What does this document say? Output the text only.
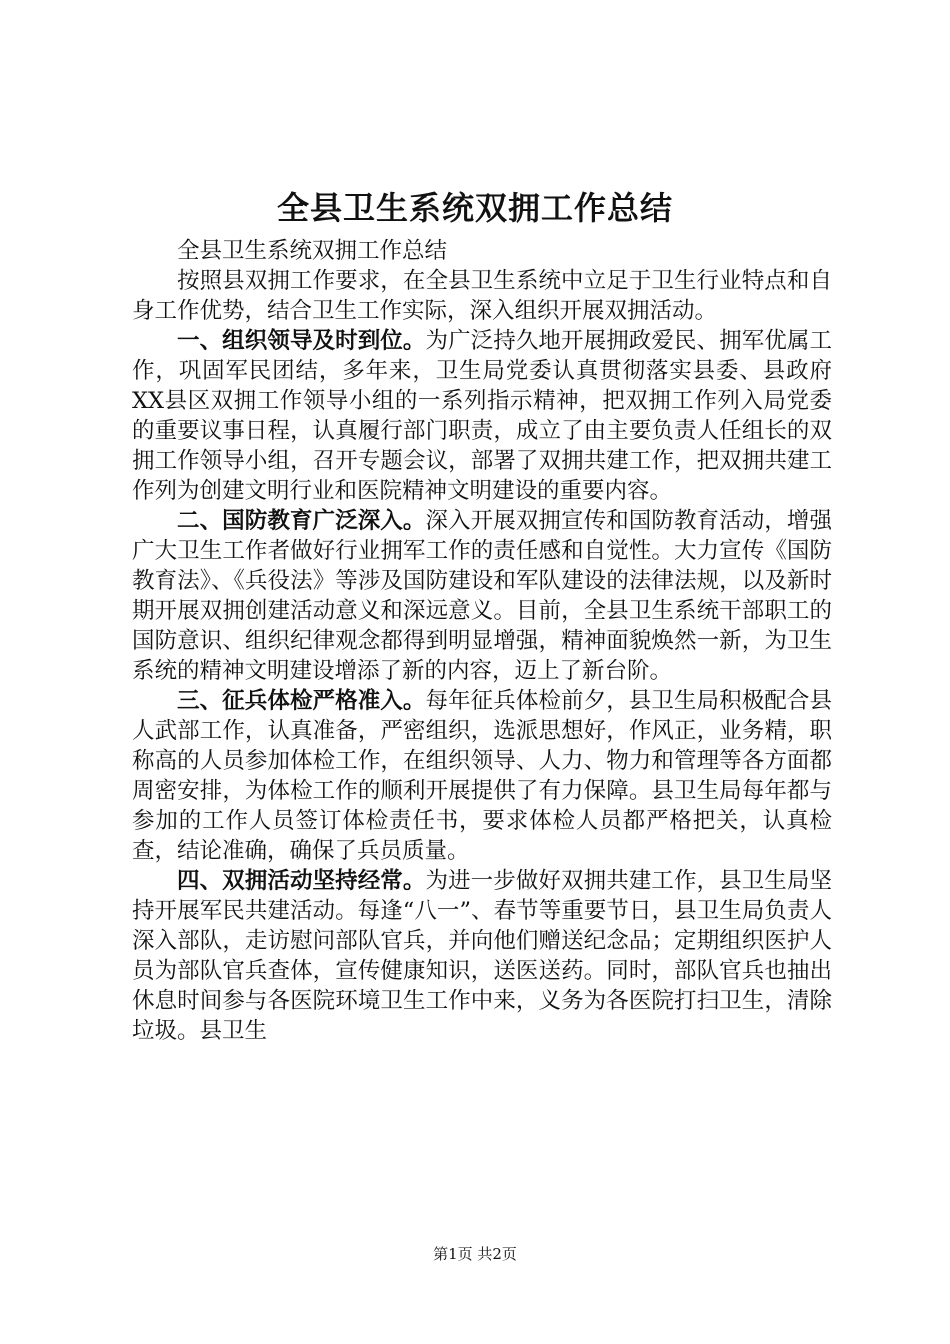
全县卫生系统双拥工作总结

全县卫生系统双拥工作总结

按照县双拥工作要求，在全县卫生系统中立足于卫生行业特点和自身工作优势，结合卫生工作实际，深入组织开展双拥活动。

一、组织领导及时到位。为广泛持久地开展拥政爱民、拥军优属工作，巩固军民团结，多年来，卫生局党委认真贯彻落实县委、县政府XX县区双拥工作领导小组的一系列指示精神，把双拥工作列入局党委的重要议事日程，认真履行部门职责，成立了由主要负责人任组长的双拥工作领导小组，召开专题会议，部署了双拥共建工作，把双拥共建工作列为创建文明行业和医院精神文明建设的重要内容。

二、国防教育广泛深入。深入开展双拥宣传和国防教育活动，增强广大卫生工作者做好行业拥军工作的责任感和自觉性。大力宣传《国防教育法》、《兵役法》等涉及国防建设和军队建设的法律法规，以及新时期开展双拥创建活动意义和深远意义。目前，全县卫生系统干部职工的国防意识、组织纪律观念都得到明显增强，精神面貌焕然一新，为卫生系统的精神文明建设增添了新的内容，迈上了新台阶。

三、征兵体检严格准入。每年征兵体检前夕，县卫生局积极配合县人武部工作，认真准备，严密组织，选派思想好，作风正，业务精，职称高的人员参加体检工作，在组织领导、人力、物力和管理等各方面都周密安排，为体检工作的顺利开展提供了有力保障。县卫生局每年都与参加的工作人员签订体检责任书，要求体检人员都严格把关，认真检查，结论准确，确保了兵员质量。

四、双拥活动坚持经常。为进一步做好双拥共建工作，县卫生局坚持开展军民共建活动。每逢“八一”、春节等重要节日，县卫生局负责人深入部队，走访慰问部队官兵，并向他们赠送纪念品；定期组织医护人员为部队官兵查体，宣传健康知识，送医送药。同时，部队官兵也抽出休息时间参与各医院环境卫生工作中来，义务为各医院打扫卫生，清除垃圾。县卫生

第1页 共2页
